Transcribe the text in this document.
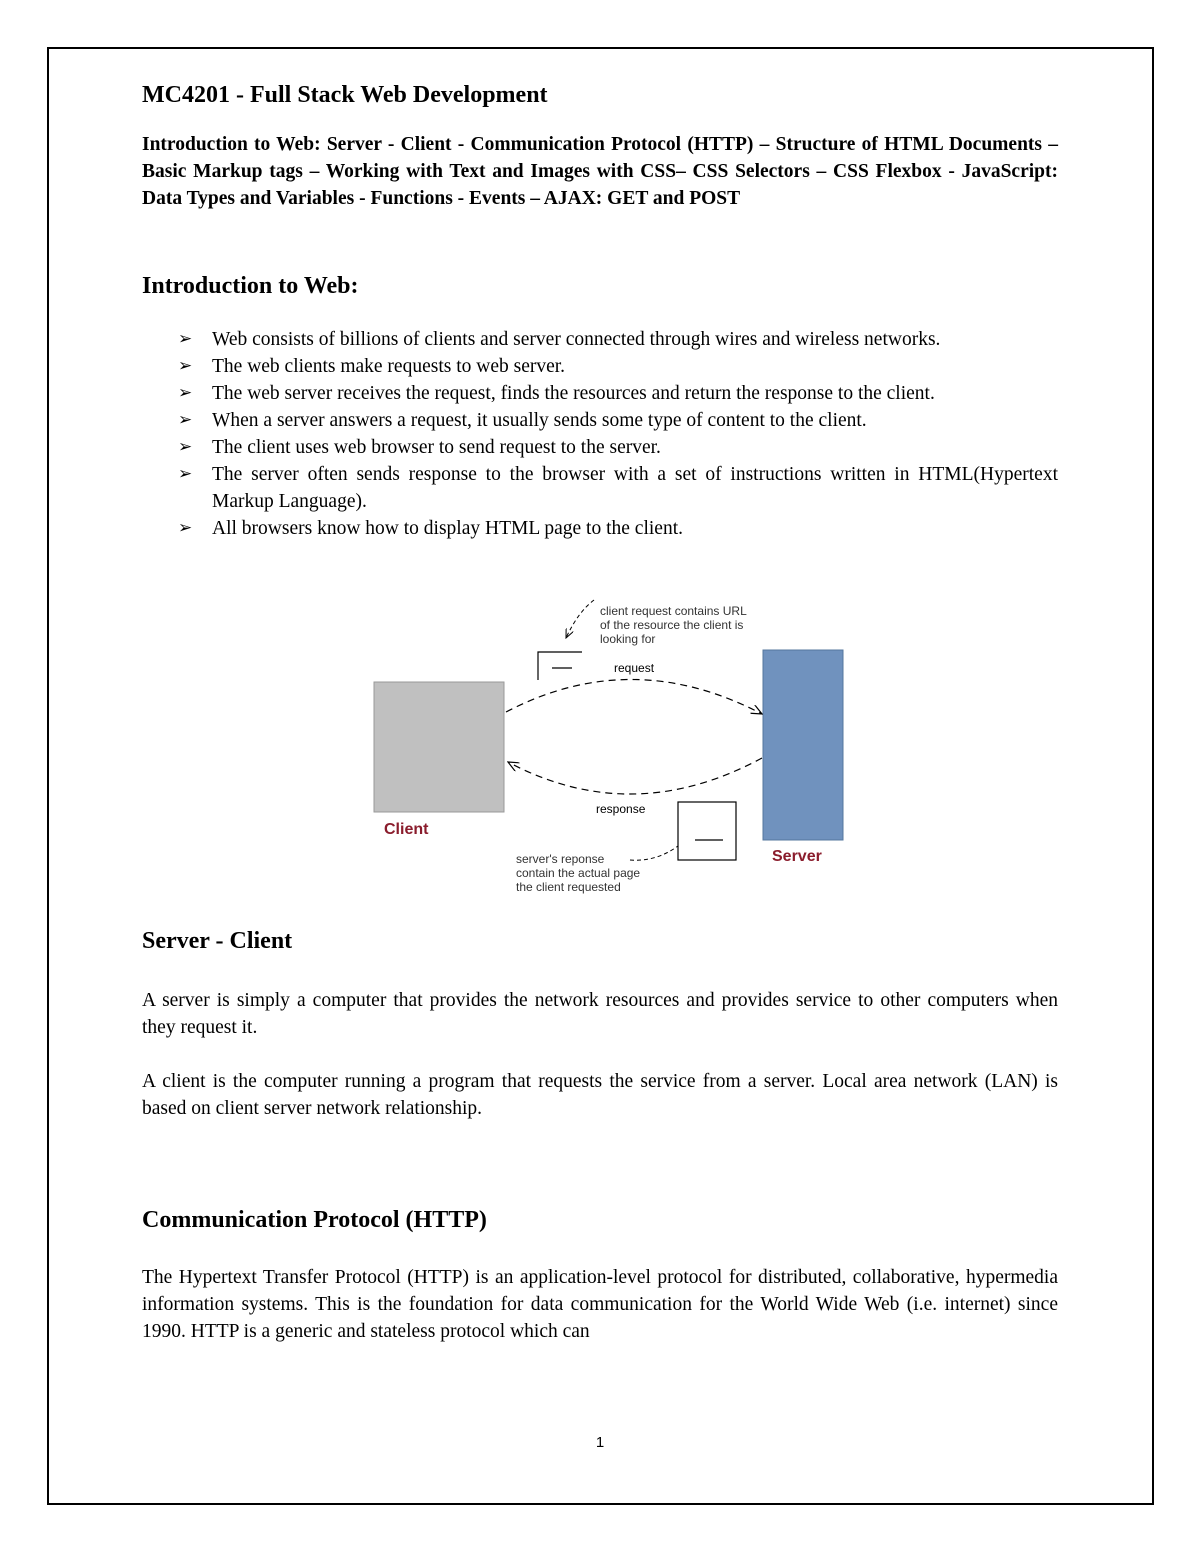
MC4201 - Full Stack Web Development

Introduction to Web: Server - Client - Communication Protocol (HTTP) – Structure of HTML Documents – Basic Markup tags – Working with Text and Images with CSS– CSS Selectors – CSS Flexbox - JavaScript: Data Types and Variables - Functions - Events – AJAX: GET and POST

Introduction to Web:
➢ Web consists of billions of clients and server connected through wires and wireless networks.
➢ The web clients make requests to web server.
➢ The web server receives the request, finds the resources and return the response to the client.
➢ When a server answers a request, it usually sends some type of content to the client.
➢ The client uses web browser to send request to the server.
➢ The server often sends response to the browser with a set of instructions written in HTML(Hypertext Markup Language).
➢ All browsers know how to display HTML page to the client.
client request contains URL
of the resource the client is
looking for
request
response
Client
Server
server's reponse
contain the actual page
the client requested
Server - Client

A server is simply a computer that provides the network resources and provides service to other computers when they request it.

A client is the computer running a program that requests the service from a server. Local area network (LAN) is based on client server network relationship.

Communication Protocol (HTTP)

The Hypertext Transfer Protocol (HTTP) is an application-level protocol for distributed, collaborative, hypermedia information systems. This is the foundation for data communication for the World Wide Web (i.e. internet) since 1990. HTTP is a generic and stateless protocol which can

1
